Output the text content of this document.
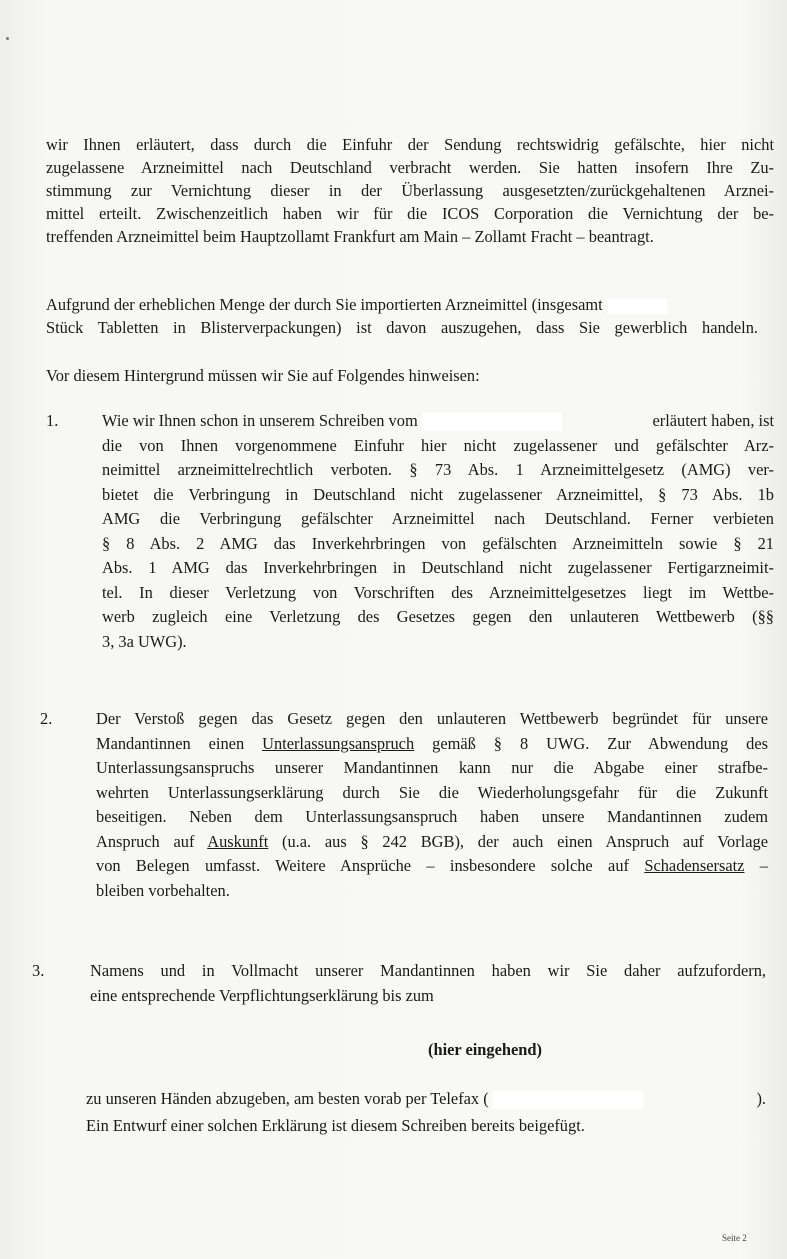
wir Ihnen erläutert, dass durch die Einfuhr der Sendung rechtswidrig gefälschte, hier nicht
zugelassene Arzneimittel nach Deutschland verbracht werden. Sie hatten insofern Ihre Zu-
stimmung zur Vernichtung dieser in der Überlassung ausgesetzten/zurückgehaltenen Arznei-
mittel erteilt. Zwischenzeitlich haben wir für die ICOS Corporation die Vernichtung der be-
treffenden Arzneimittel beim Hauptzollamt Frankfurt am Main – Zollamt Fracht – beantragt.
Aufgrund der erheblichen Menge der durch Sie importierten Arzneimittel (insgesamt
Stück Tabletten in Blisterverpackungen) ist davon auszugehen, dass Sie gewerblich handeln.
Vor diesem Hintergrund müssen wir Sie auf Folgendes hinweisen:
1.	Wie wir Ihnen schon in unserem Schreiben vom	erläutert haben, ist
die von Ihnen vorgenommene Einfuhr hier nicht zugelassener und gefälschter Arz-
neimittel arzneimittelrechtlich verboten. § 73 Abs. 1 Arzneimittelgesetz (AMG) ver-
bietet die Verbringung in Deutschland nicht zugelassener Arzneimittel, § 73 Abs. 1b
AMG die Verbringung gefälschter Arzneimittel nach Deutschland. Ferner verbieten
§ 8 Abs. 2 AMG das Inverkehrbringen von gefälschten Arzneimitteln sowie § 21
Abs. 1 AMG das Inverkehrbringen in Deutschland nicht zugelassener Fertigarzneimit-
tel. In dieser Verletzung von Vorschriften des Arzneimittelgesetzes liegt im Wettbe-
werb zugleich eine Verletzung des Gesetzes gegen den unlauteren Wettbewerb (§§
3, 3a UWG).
2.	Der Verstoß gegen das Gesetz gegen den unlauteren Wettbewerb begründet für unsere
Mandantinnen einen Unterlassungsanspruch gemäß § 8 UWG. Zur Abwendung des
Unterlassungsanspruchs unserer Mandantinnen kann nur die Abgabe einer strafbe-
wehrten Unterlassungserklärung durch Sie die Wiederholungsgefahr für die Zukunft
beseitigen. Neben dem Unterlassungsanspruch haben unsere Mandantinnen zudem
Anspruch auf Auskunft (u.a. aus § 242 BGB), der auch einen Anspruch auf Vorlage
von Belegen umfasst. Weitere Ansprüche – insbesondere solche auf Schadensersatz –
bleiben vorbehalten.
3.	Namens und in Vollmacht unserer Mandantinnen haben wir Sie daher aufzufordern,
eine entsprechende Verpflichtungserklärung bis zum
(hier eingehend)
zu unseren Händen abzugeben, am besten vorab per Telefax (	).
Ein Entwurf einer solchen Erklärung ist diesem Schreiben bereits beigefügt.
Seite 2
